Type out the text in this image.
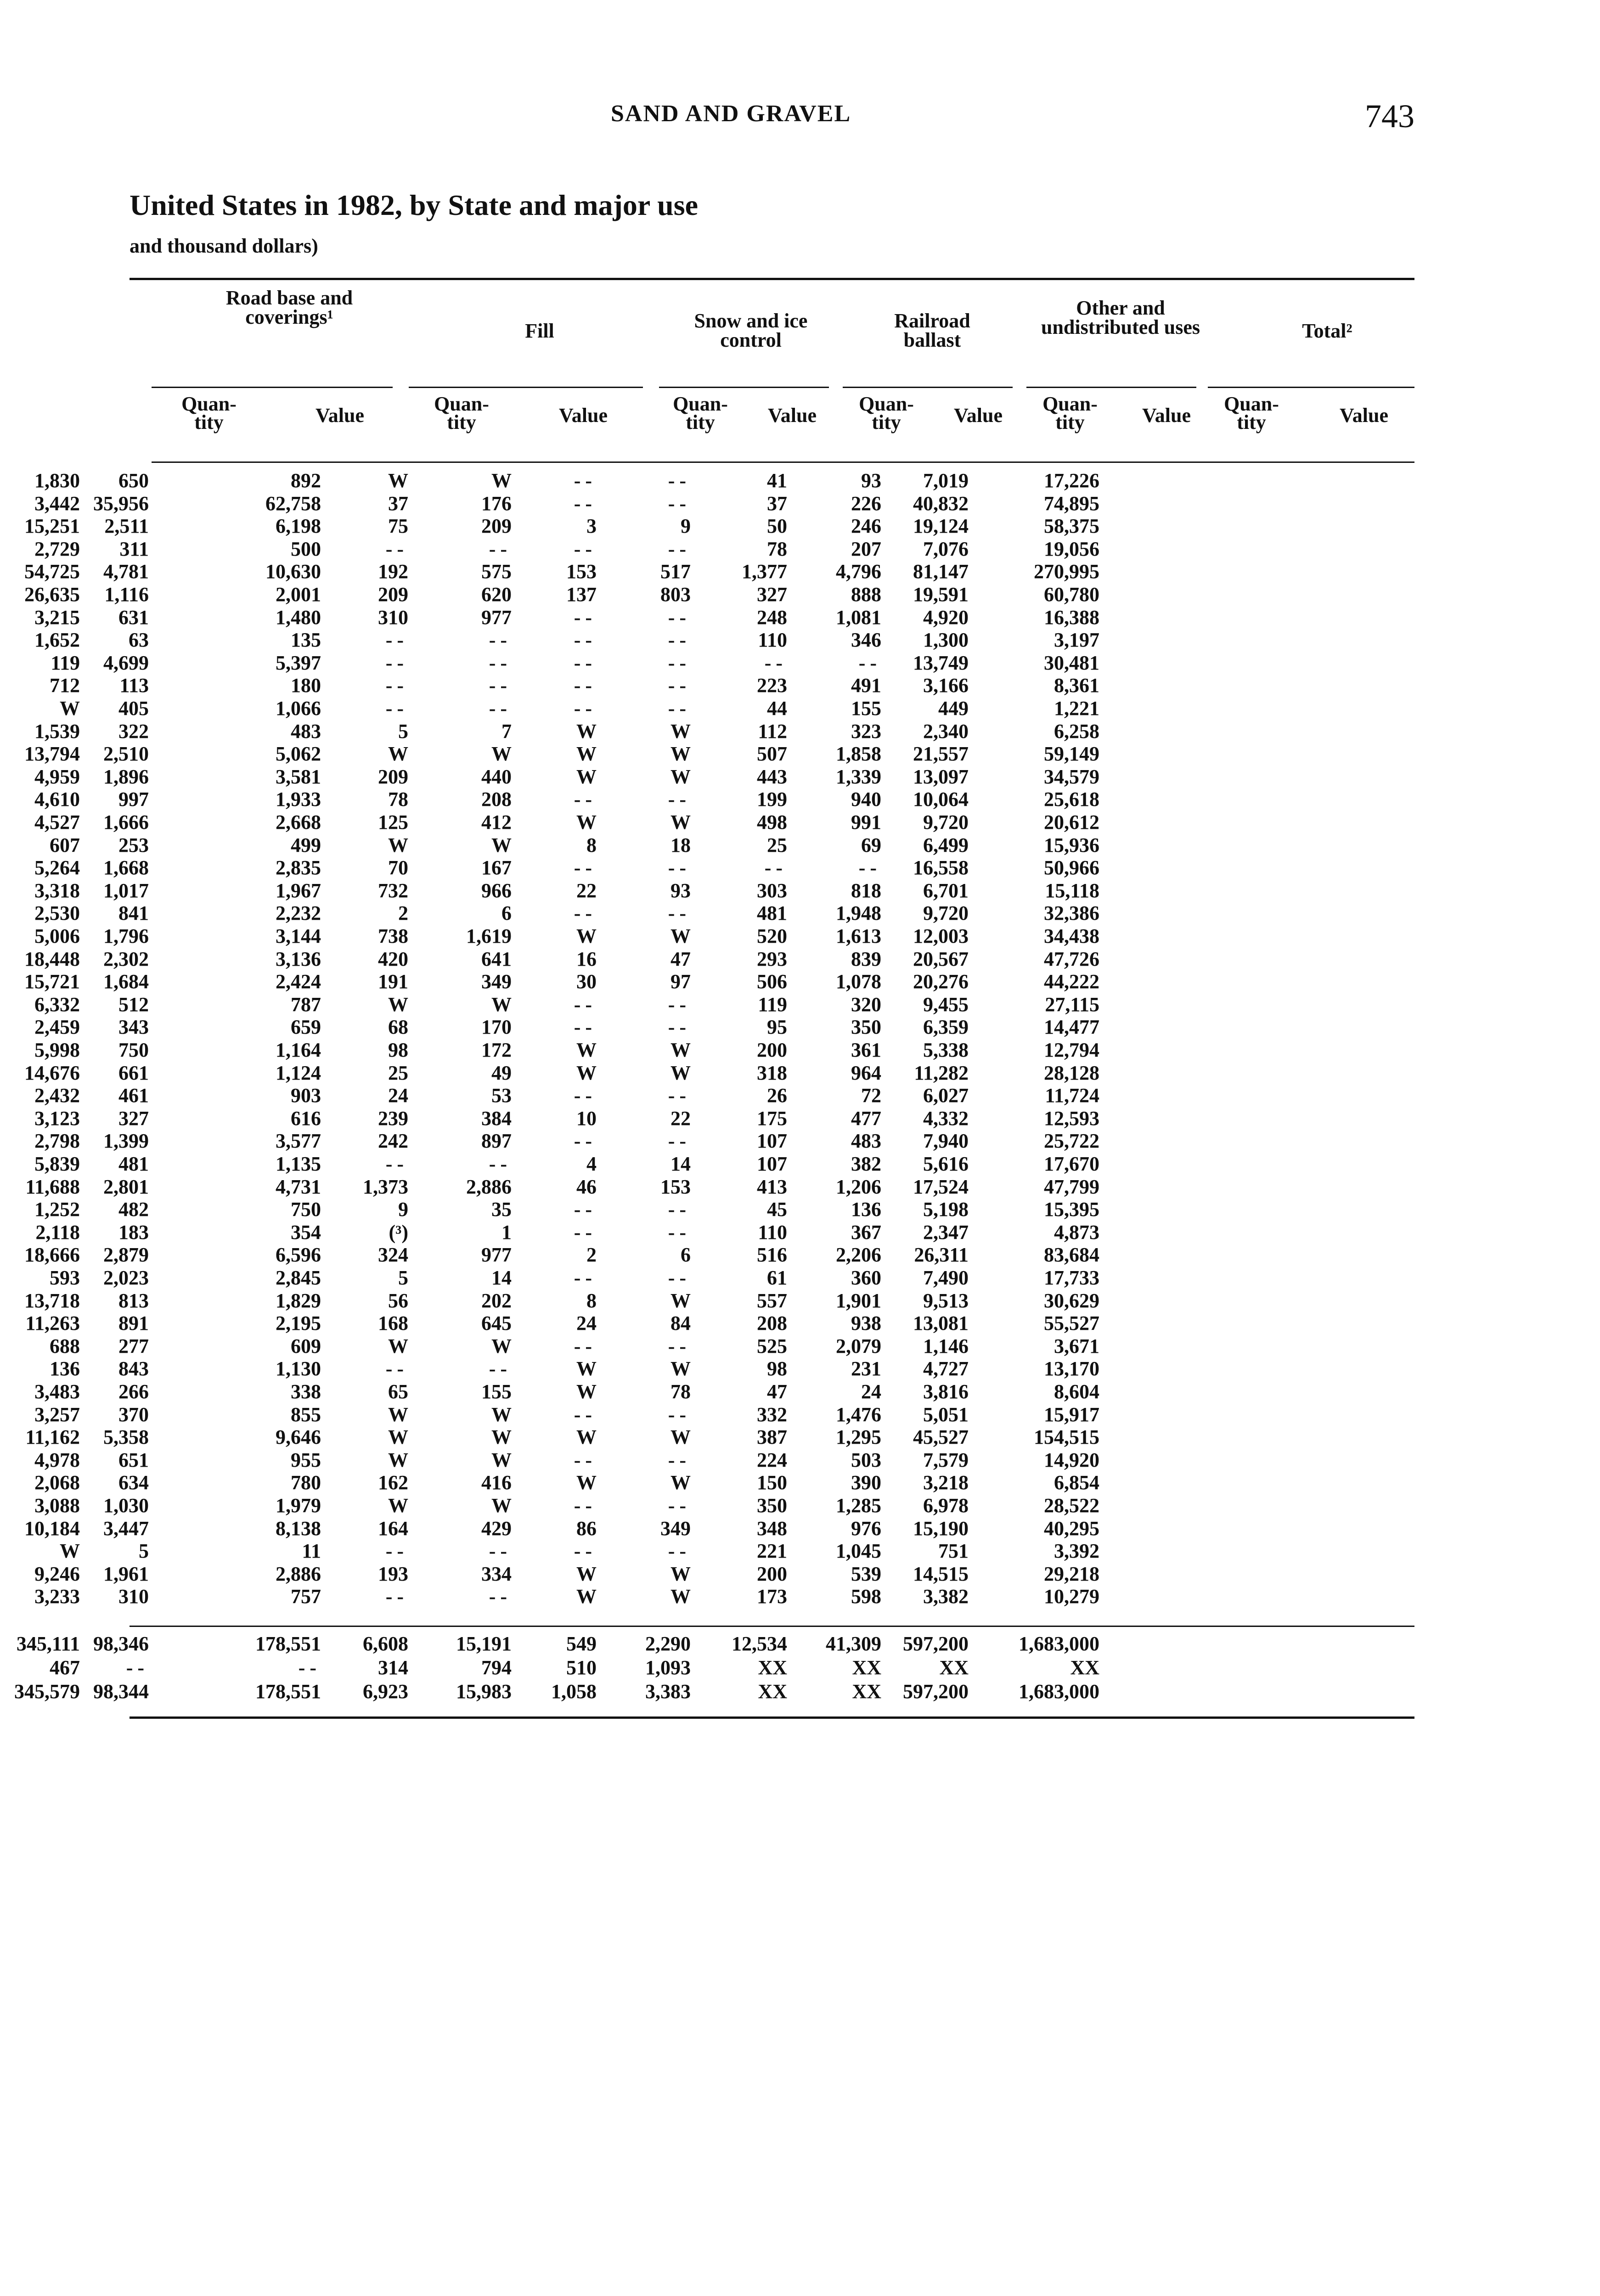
SAND AND GRAVEL	743
United States in 1982, by State and major use
and thousand dollars)
Road base and coverings¹
Fill	Snow and ice control
Railroad ballast
Other and undistributed uses	Total²
Quan-tity	Value
Quan-tity	Value
Quan-tity	Value
Quan-tity	Value
Quan-tity	Value
Quan-tity	Value
1,830 650	892	W	W	--	--	41	93 7,019	17,226
3,442 35,956	62,758	37	176	--	--	37	226 40,832	74,895
15,251 2,511	6,198	75	209	3	9	50	246 19,124	58,375
2,729 311	500	--	--	--	--	78	207 7,076	19,056
54,725 4,781	10,630	192	575	153	517	1,377 4,796 81,147	270,995
26,635 1,116	2,001	209	620	137	803	327	888 19,591	60,780
3,215 631	1,480	310	977	--	--	248 1,081 4,920	16,388
1,652 63	135	--	--	--	--	110	346 1,300	3,197
119 4,699	5,397	--	--	--	--	--	-- 13,749	30,481
712 113	180	--	--	--	--	223	491 3,166	8,361
W 405	1,066	--	--	--	--	44	155	449	1,221
1,539 322	483	5	7	W	W	112	323 2,340	6,258
13,794 2,510	5,062	W	W	W	W	507 1,858 21,557	59,149
4,959 1,896	3,581	209	440	W	W	443 1,339 13,097	34,579
4,610 997	1,933	78	208	--	--	199	940 10,064	25,618
4,527 1,666	2,668	125	412	W	W	498	991 9,720	20,612
607 253	499	W	W	8	18	25	69 6,499	15,936
5,264 1,668	2,835	70	167	--	--	--	-- 16,558	50,966
3,318 1,017	1,967	732	966	22	93	303	818 6,701	15,118
2,530 841	2,232	2	6	--	--	481 1,948 9,720	32,386
5,006 1,796	3,144	738	1,619	W	W	520 1,613 12,003	34,438
18,448 2,302	3,136	420	641	16	47	293	839 20,567	47,726
15,721 1,684	2,424	191	349	30	97	506 1,078 20,276	44,222
6,332 512	787	W	W	--	--	119	320 9,455	27,115
2,459 343	659	68	170	--	--	95	350 6,359	14,477
5,998 750	1,164	98	172	W	W	200	361 5,338	12,794
14,676 661	1,124	25	49	W	W	318	964 11,282	28,128
2,432 461	903	24	53	--	--	26	72 6,027	11,724
3,123 327	616	239	384	10	22	175	477 4,332	12,593
2,798 1,399	3,577	242	897	--	--	107	483 7,940	25,722
5,839 481	1,135	--	--	4	14	107	382 5,616	17,670
11,688 2,801	4,731 1,373	2,886	46	153	413 1,206 17,524	47,799
1,252 482	750	9	35	--	--	45	136 5,198	15,395
2,118 183	354	(³)	1	--	--	110	367 2,347	4,873
18,666 2,879	6,596	324	977	2	6	516 2,206 26,311	83,684
593 2,023	2,845	5	14	--	--	61	360 7,490	17,733
13,718 813	1,829	56	202	8	W	557 1,901 9,513	30,629
11,263 891	2,195	168	645	24	84	208	938 13,081	55,527
688 277	609	W	W	--	--	525 2,079 1,146	3,671
136 843	1,130	--	--	W	W	98	231 4,727	13,170
3,483 266	338	65	155	W	78	47	24 3,816	8,604
3,257 370	855	W	W	--	--	332 1,476 5,051	15,917
11,162 5,358	9,646	W	W	W	W	387 1,295 45,527	154,515
4,978 651	955	W	W	--	--	224	503 7,579	14,920
2,068 634	780	162	416	W	W	150	390 3,218	6,854
3,088 1,030	1,979	W	W	--	--	350 1,285 6,978	28,522
10,184 3,447	8,138	164	429	86	349	348	976 15,190	40,295
W	5	11	--	--	--	--	221 1,045	751	3,392
9,246 1,961	2,886	193	334	W	W	200	539 14,515	29,218
3,233 310	757	--	--	W	W	173	598 3,382	10,279
345,111 98,346	178,551 6,608 15,191	549 2,290 12,534 41,309 597,200 1,683,000
467 --	--	314	794	510 1,093	XX	XX	XX	XX
345,579 98,344	178,551 6,923 15,983 1,058 3,383	XX	XX 597,200 1,683,000
